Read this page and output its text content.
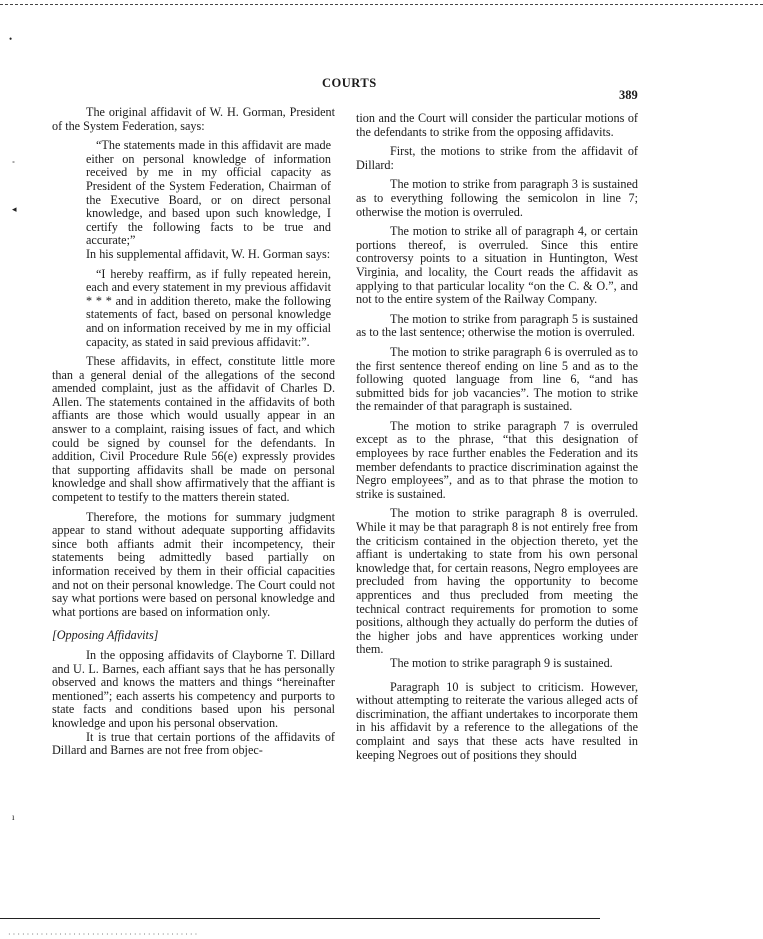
•
˚
◂
ı
COURTS
389

The original affidavit of W. H. Gorman, President of the System Federation, says:

“The statements made in this affidavit are made either on personal knowledge of information received by me in my official capacity as President of the System Federation, Chairman of the Executive Board, or on direct personal knowledge, and based upon such knowledge, I certify the following facts to be true and accurate;”

In his supplemental affidavit, W. H. Gorman says:

“I hereby reaffirm, as if fully repeated herein, each and every statement in my previous affidavit * * * and in addition thereto, make the following statements of fact, based on personal knowledge and on information received by me in my official capacity, as stated in said previous affidavit:”.

These affidavits, in effect, constitute little more than a general denial of the allegations of the second amended complaint, just as the affidavit of Charles D. Allen. The statements contained in the affidavits of both affiants are those which would usually appear in an answer to a complaint, raising issues of fact, and which could be signed by counsel for the defendants. In addition, Civil Procedure Rule 56(e) expressly provides that supporting affidavits shall be made on personal knowledge and shall show affirmatively that the affiant is competent to testify to the matters therein stated.

Therefore, the motions for summary judgment appear to stand without adequate supporting affidavits since both affiants admit their incompetency, their statements being admittedly based partially on information received by them in their official capacities and not on their personal knowledge. The Court could not say what portions were based on personal knowledge and what portions are based on information only.

[Opposing Affidavits]

In the opposing affidavits of Clayborne T. Dillard and U. L. Barnes, each affiant says that he has personally observed and knows the matters and things “hereinafter mentioned”; each asserts his competency and purports to state facts and conditions based upon his personal knowledge and upon his personal observation.

It is true that certain portions of the affidavits of Dillard and Barnes are not free from objec-

tion and the Court will consider the particular motions of the defendants to strike from the opposing affidavits.

First, the motions to strike from the affidavit of Dillard:

The motion to strike from paragraph 3 is sustained as to everything following the semicolon in line 7; otherwise the motion is overruled.

The motion to strike all of paragraph 4, or certain portions thereof, is overruled. Since this entire controversy points to a situation in Huntington, West Virginia, and locality, the Court reads the affidavit as applying to that particular locality “on the C. & O.”, and not to the entire system of the Railway Company.

The motion to strike from paragraph 5 is sustained as to the last sentence; otherwise the motion is overruled.

The motion to strike paragraph 6 is overruled as to the first sentence thereof ending on line 5 and as to the following quoted language from line 6, “and has submitted bids for job vacancies”. The motion to strike the remainder of that paragraph is sustained.

The motion to strike paragraph 7 is overruled except as to the phrase, “that this designation of employees by race further enables the Federation and its member defendants to practice discrimination against the Negro employees”, and as to that phrase the motion to strike is sustained.

The motion to strike paragraph 8 is overruled. While it may be that paragraph 8 is not entirely free from the criticism contained in the objection thereto, yet the affiant is undertaking to state from his own personal knowledge that, for certain reasons, Negro employees are precluded from having the opportunity to become apprentices and thus precluded from meeting the technical contract requirements for promotion to some positions, although they actually do perform the duties of the higher jobs and have apprentices working under them.

The motion to strike paragraph 9 is sustained.

Paragraph 10 is subject to criticism. However, without attempting to reiterate the various alleged acts of discrimination, the affiant undertakes to incorporate them in his affidavit by a reference to the allegations of the complaint and says that these acts have resulted in keeping Negroes out of positions they should

· · · · · · · · · · · · · · · · · · · · · · · · · · · · · · · · · · · · · · · · ·
